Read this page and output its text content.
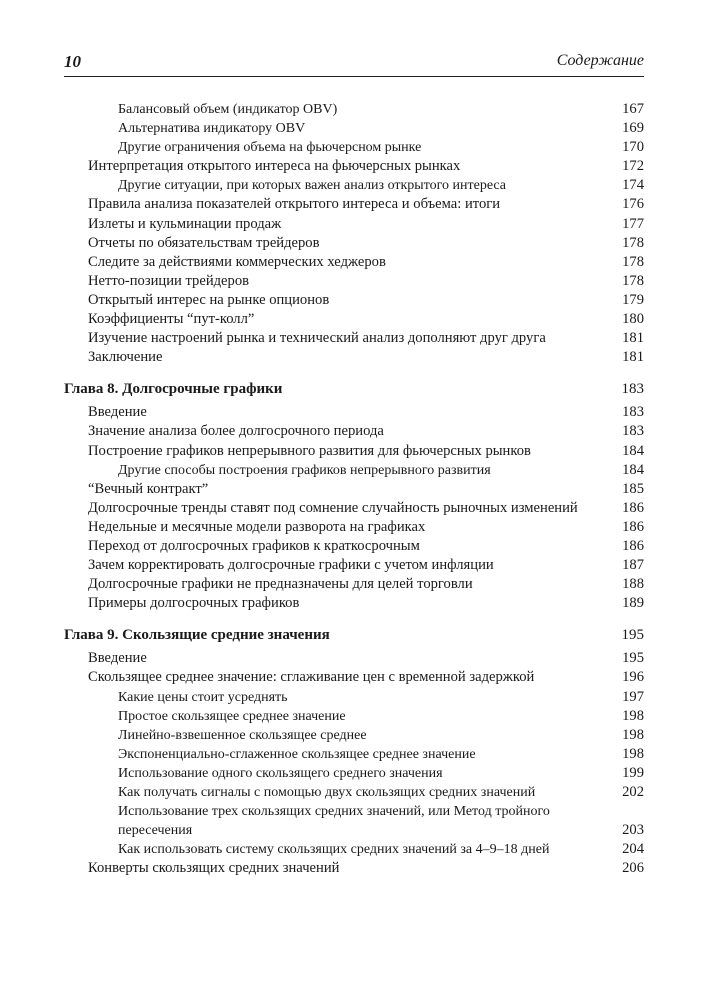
10	Содержание
Балансовый объем (индикатор OBV)	167
Альтернатива индикатору OBV	169
Другие ограничения объема на фьючерсном рынке	170
Интерпретация открытого интереса на фьючерсных рынках	172
Другие ситуации, при которых важен анализ открытого интереса	174
Правила анализа показателей открытого интереса и объема: итоги	176
Излеты и кульминации продаж	177
Отчеты по обязательствам трейдеров	178
Следите за действиями коммерческих хеджеров	178
Нетто-позиции трейдеров	178
Открытый интерес на рынке опционов	179
Коэффициенты “пут-колл”	180
Изучение настроений рынка и технический анализ дополняют друг друга	181
Заключение	181
Глава 8. Долгосрочные графики	183
Введение	183
Значение анализа более долгосрочного периода	183
Построение графиков непрерывного развития для фьючерсных рынков	184
Другие способы построения графиков непрерывного развития	184
“Вечный контракт”	185
Долгосрочные тренды ставят под сомнение случайность рыночных изменений	186
Недельные и месячные модели разворота на графиках	186
Переход от долгосрочных графиков к краткосрочным	186
Зачем корректировать долгосрочные графики с учетом инфляции	187
Долгосрочные графики не предназначены для целей торговли	188
Примеры долгосрочных графиков	189
Глава 9. Скользящие средние значения	195
Введение	195
Скользящее среднее значение: сглаживание цен с временной задержкой	196
Какие цены стоит усреднять	197
Простое скользящее среднее значение	198
Линейно-взвешенное скользящее среднее	198
Экспоненциально-сглаженное скользящее среднее значение	198
Использование одного скользящего среднего значения	199
Как получать сигналы с помощью двух скользящих средних значений	202
Использование трех скользящих средних значений, или Метод тройного пересечения	203
Как использовать систему скользящих средних значений за 4–9–18 дней	204
Конверты скользящих средних значений	206
